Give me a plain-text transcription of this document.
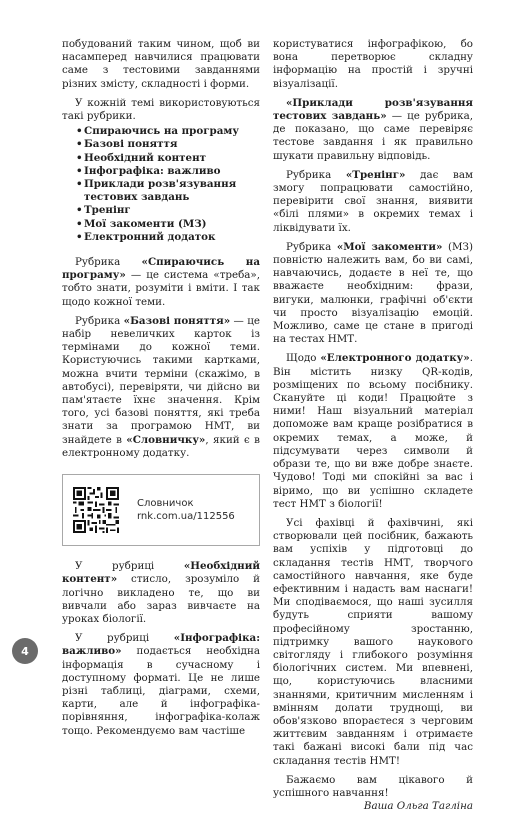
побудований таким чином, щоб ви насамперед навчилися працювати саме з тестовими завданнями різних змісту, складності і форми.

У кожній темі використовуються такі рубрики.

• Спираючись на програму
• Базові поняття
• Необхідний контент
• Інфографіка: важливо
• Приклади розв'язування тестових завдань
• Тренінг
• Мої закоменти (МЗ)
• Електронний додаток

Рубрика «Спираючись на програму» — це система «треба», тобто знати, розуміти і вміти. І так щодо кожної теми.

Рубрика «Базові поняття» — це набір невеличких карток із термінами до кожної теми. Користуючись такими картками, можна вчити терміни (скажімо, в автобусі), перевіряти, чи дійсно ви пам'ятаєте їхнє значення. Крім того, усі базові поняття, які треба знати за програмою НМТ, ви знайдете в «Словничку», який є в електронному додатку.

Словничок
rnk.com.ua/112556

У рубриці «Необхідний контент» стисло, зрозуміло й логічно викладено те, що ви вивчали або зараз вивчаєте на уроках біології.

У рубриці «Інфографіка: важливо» подається необхідна інформація в сучасному і доступному форматі. Це не лише різні таблиці, діаграми, схеми, карти, але й інфографіка-порівняння, інфографіка-колаж тощо. Рекомендуємо вам частіше

користуватися інфографікою, бо вона перетворює складну інформацію на простій і зручні візуалізації.

«Приклади розв'язування тестових завдань» — це рубрика, де показано, що саме перевіряє тестове завдання і як правильно шукати правильну відповідь.

Рубрика «Тренінг» дає вам змогу попрацювати самостійно, перевірити свої знання, виявити «білі плями» в окремих темах і ліквідувати їх.

Рубрика «Мої закоменти» (МЗ) повністю належить вам, бо ви самі, навчаючись, додаєте в неї те, що вважаєте необхідним: фрази, вигуки, малюнки, графічні об'єкти чи просто візуалізацію емоцій. Можливо, саме це стане в пригоді на тестах НМТ.

Щодо «Електронного додатку». Він містить низку QR-кодів, розміщених по всьому посібнику. Скануйте ці коди! Працюйте з ними! Наш візуальний матеріал допоможе вам краще розібратися в окремих темах, а може, й підсумувати через символи й образи те, що ви вже добре знаєте. Чудово! Тоді ми спокійні за вас і віримо, що ви успішно складете тест НМТ з біології!

Усі фахівці й фахівчині, які створювали цей посібник, бажають вам успіхів у підготовці до складання тестів НМТ, творчого самостійного навчання, яке буде ефективним і надасть вам наснаги! Ми сподіваємося, що наші зусилля будуть сприяти вашому професійному зростанню, підтримку вашого наукового світогляду і глибокого розуміння біологічних систем. Ми впевнені, що, користуючись власними знаннями, критичним мисленням і вмінням долати труднощі, ви обов'язково впораєтеся з черговим життєвим завданням і отримаєте такі бажані високі бали під час складання тестів НМТ!

Бажаємо вам цікавого й успішного навчання!

Ваша Ольга Тагліна

4
